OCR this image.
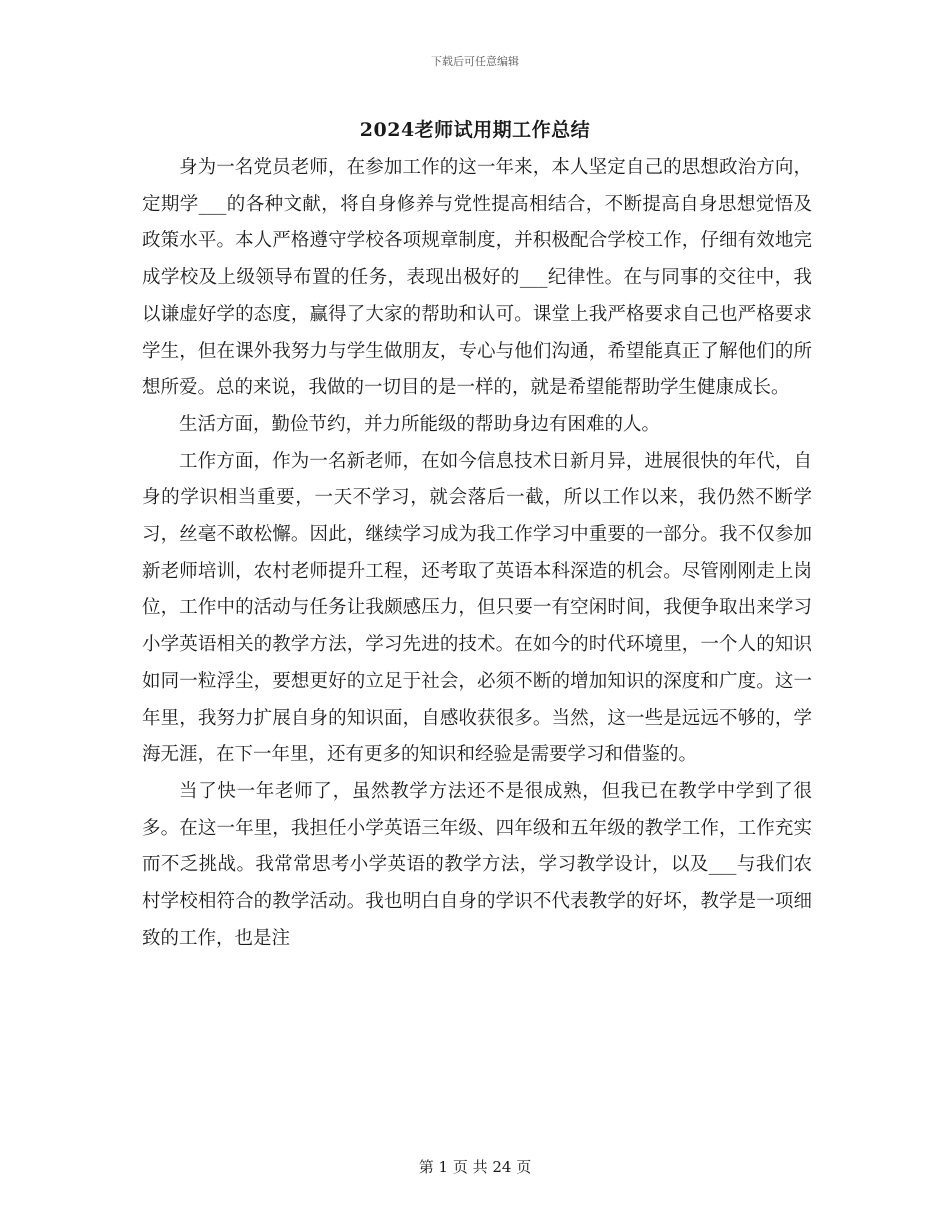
下载后可任意编辑
2024老师试用期工作总结

身为一名党员老师，在参加工作的这一年来，本人坚定自己的思想政治方向，定期学___的各种文献，将自身修养与党性提高相结合，不断提高自身思想觉悟及政策水平。本人严格遵守学校各项规章制度，并积极配合学校工作，仔细有效地完成学校及上级领导布置的任务，表现出极好的___纪律性。在与同事的交往中，我以谦虚好学的态度，赢得了大家的帮助和认可。课堂上我严格要求自己也严格要求学生，但在课外我努力与学生做朋友，专心与他们沟通，希望能真正了解他们的所想所爱。总的来说，我做的一切目的是一样的，就是希望能帮助学生健康成长。

生活方面，勤俭节约，并力所能级的帮助身边有困难的人。

工作方面，作为一名新老师，在如今信息技术日新月异，进展很快的年代，自身的学识相当重要，一天不学习，就会落后一截，所以工作以来，我仍然不断学习，丝毫不敢松懈。因此，继续学习成为我工作学习中重要的一部分。我不仅参加新老师培训，农村老师提升工程，还考取了英语本科深造的机会。尽管刚刚走上岗位，工作中的活动与任务让我颇感压力，但只要一有空闲时间，我便争取出来学习小学英语相关的教学方法，学习先进的技术。在如今的时代环境里，一个人的知识如同一粒浮尘，要想更好的立足于社会，必须不断的增加知识的深度和广度。这一年里，我努力扩展自身的知识面，自感收获很多。当然，这一些是远远不够的，学海无涯，在下一年里，还有更多的知识和经验是需要学习和借鉴的。

当了快一年老师了，虽然教学方法还不是很成熟，但我已在教学中学到了很多。在这一年里，我担任小学英语三年级、四年级和五年级的教学工作，工作充实而不乏挑战。我常常思考小学英语的教学方法，学习教学设计，以及___与我们农村学校相符合的教学活动。我也明白自身的学识不代表教学的好坏，教学是一项细致的工作，也是注

第 1 页 共 24 页
